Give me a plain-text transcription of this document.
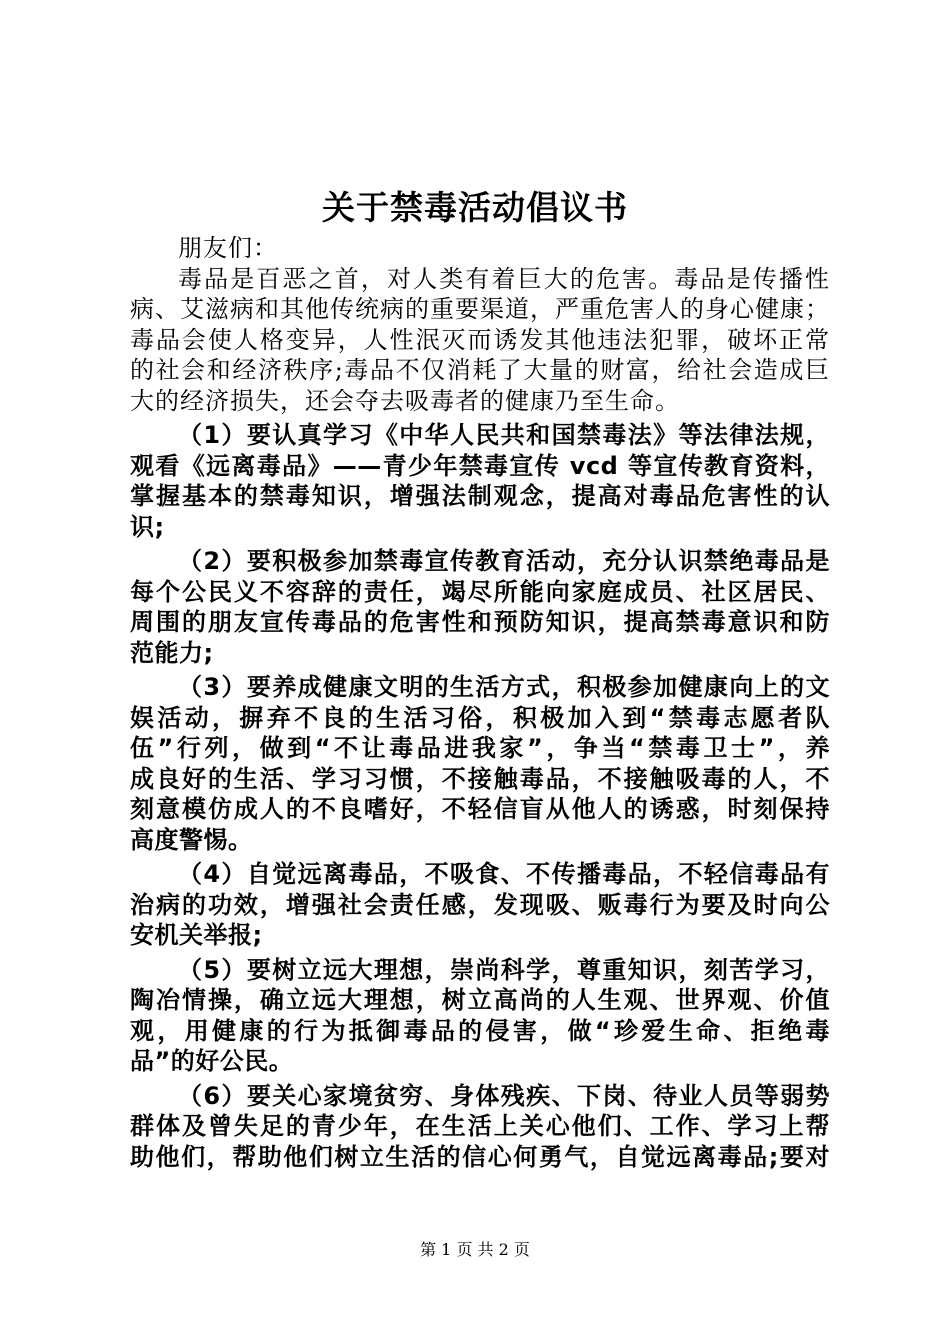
关于禁毒活动倡议书
朋友们：
毒品是百恶之首，对人类有着巨大的危害。毒品是传播性
病、艾滋病和其他传统病的重要渠道，严重危害人的身心健康；
毒品会使人格变异，人性泯灭而诱发其他违法犯罪，破坏正常
的社会和经济秩序;毒品不仅消耗了大量的财富，给社会造成巨
大的经济损失，还会夺去吸毒者的健康乃至生命。
（1）要认真学习《中华人民共和国禁毒法》等法律法规，
观看《远离毒品》——青少年禁毒宣传 vcd 等宣传教育资料，
掌握基本的禁毒知识，增强法制观念，提高对毒品危害性的认
识;
（2）要积极参加禁毒宣传教育活动，充分认识禁绝毒品是
每个公民义不容辞的责任，竭尽所能向家庭成员、社区居民、
周围的朋友宣传毒品的危害性和预防知识，提高禁毒意识和防
范能力;
（3）要养成健康文明的生活方式，积极参加健康向上的文
娱活动，摒弃不良的生活习俗，积极加入到“禁毒志愿者队
伍”行列，做到“不让毒品进我家”，争当“禁毒卫士”，养
成良好的生活、学习习惯，不接触毒品，不接触吸毒的人，不
刻意模仿成人的不良嗜好，不轻信盲从他人的诱惑，时刻保持
高度警惕。
（4）自觉远离毒品，不吸食、不传播毒品，不轻信毒品有
治病的功效，增强社会责任感，发现吸、贩毒行为要及时向公
安机关举报;
（5）要树立远大理想，崇尚科学，尊重知识，刻苦学习，
陶冶情操，确立远大理想，树立高尚的人生观、世界观、价值
观，用健康的行为抵御毒品的侵害，做“珍爱生命、拒绝毒
品”的好公民。
（6）要关心家境贫穷、身体残疾、下岗、待业人员等弱势
群体及曾失足的青少年，在生活上关心他们、工作、学习上帮
助他们，帮助他们树立生活的信心何勇气，自觉远离毒品;要对
第 1 页 共 2 页
